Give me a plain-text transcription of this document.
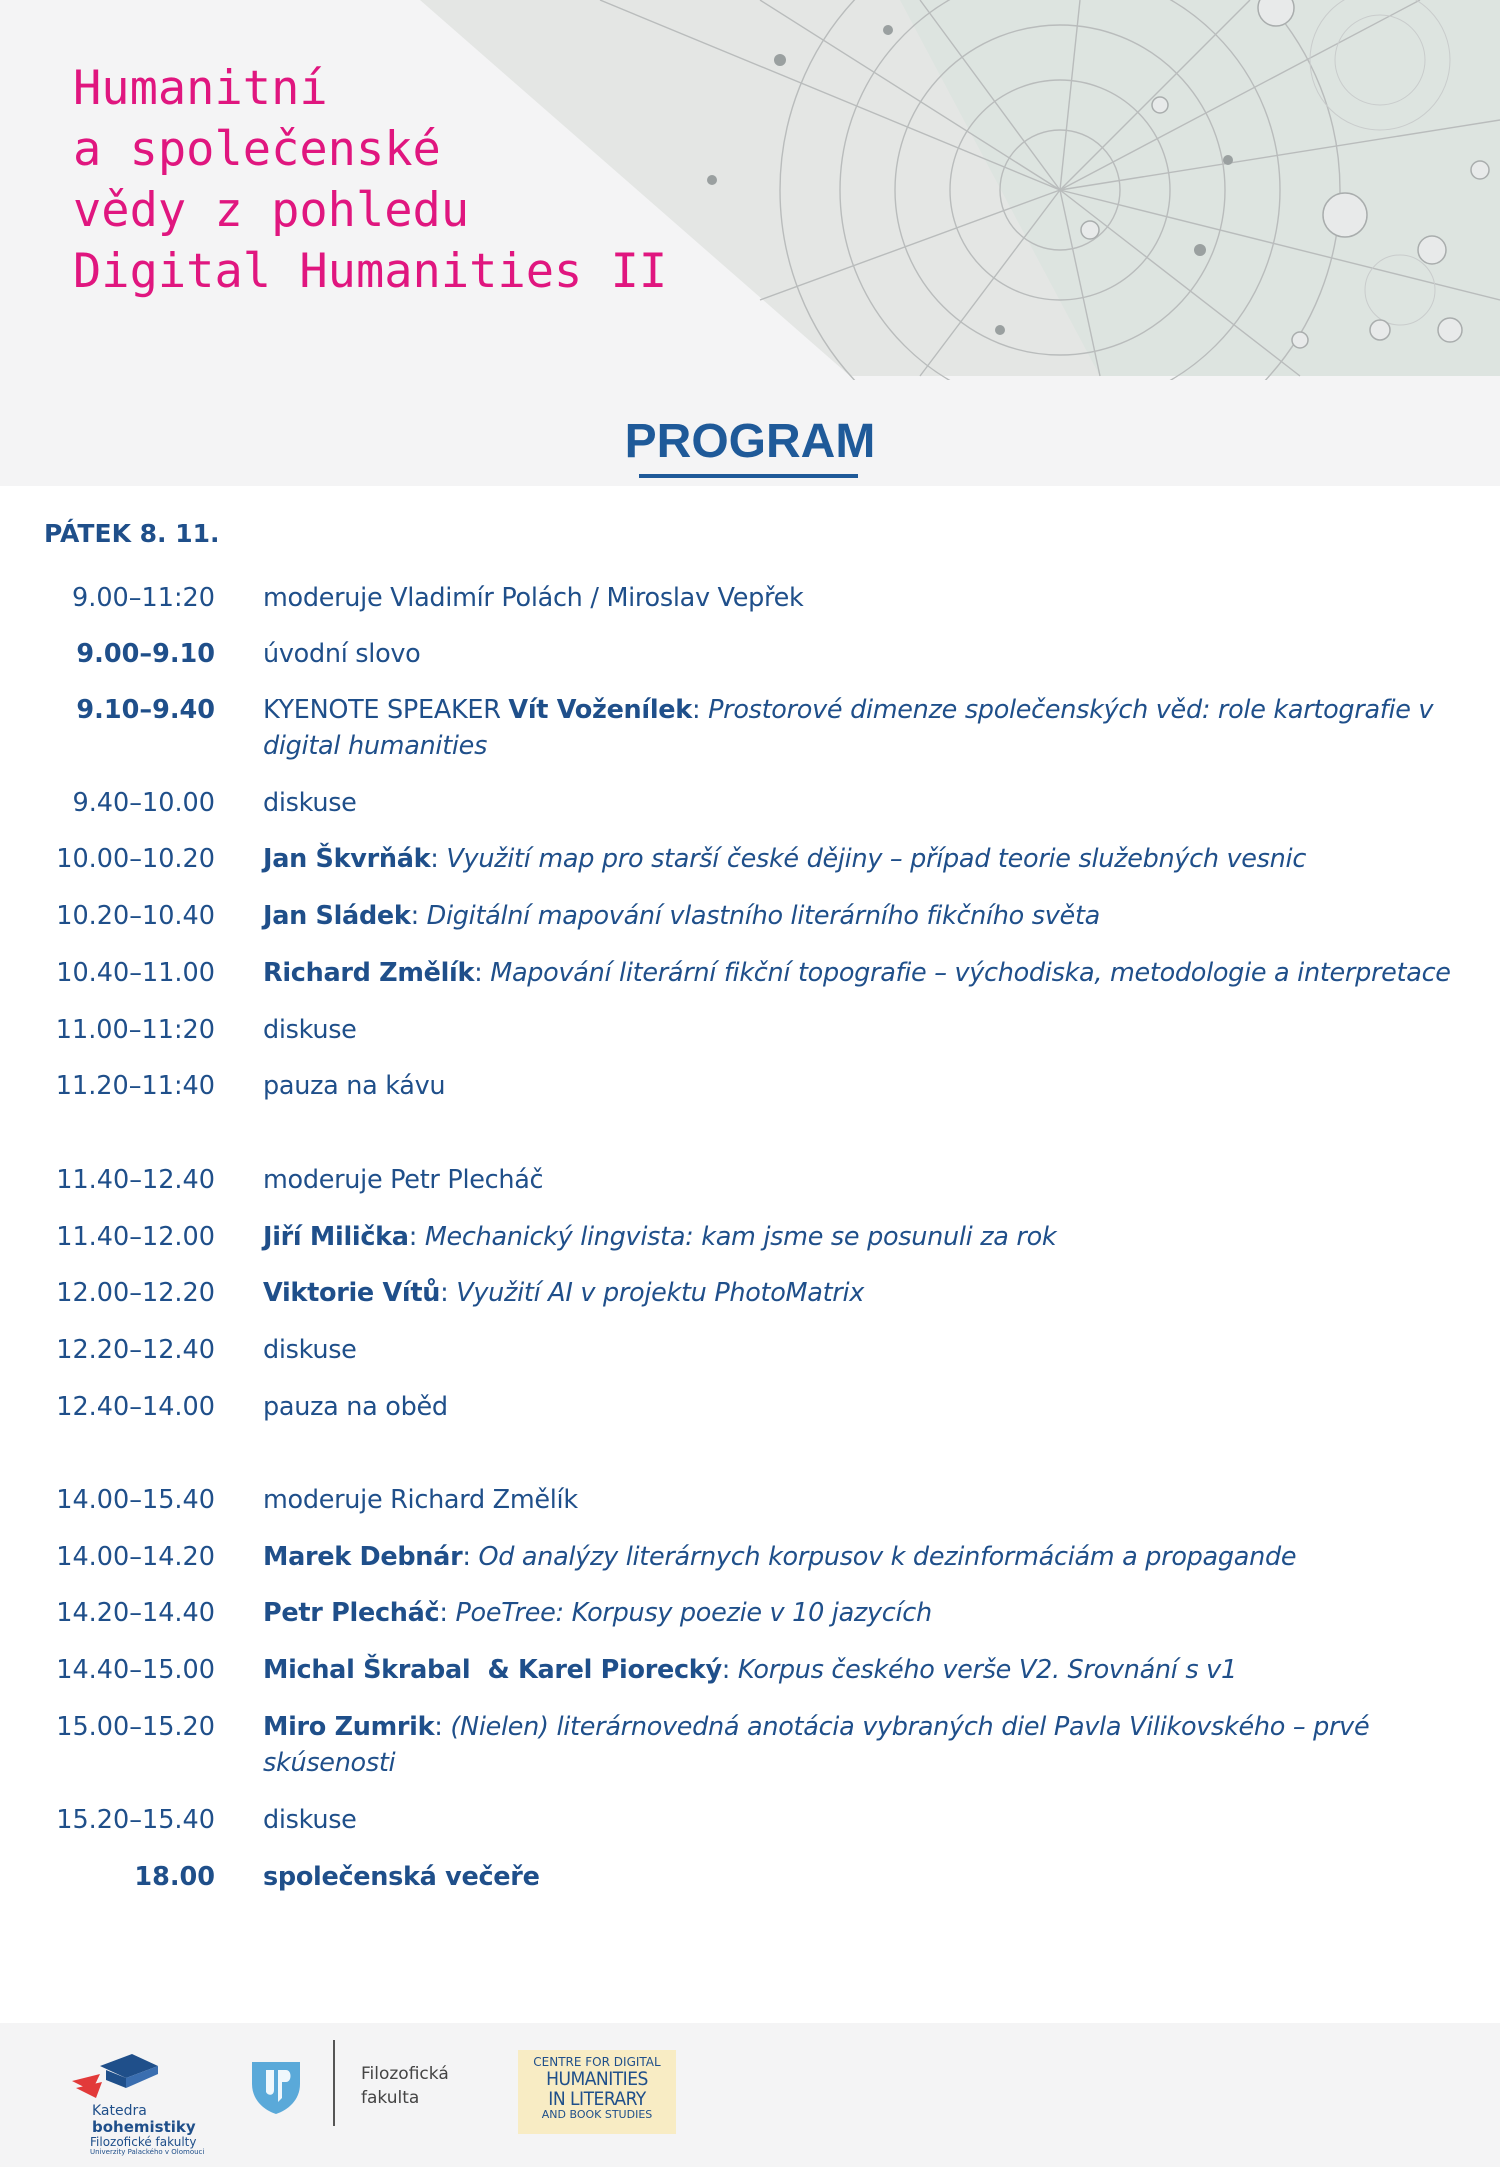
Humanitní
a společenské
vědy z pohledu
Digital Humanities II
PROGRAM
PÁTEK 8. 11.
9.00–11:20 moderuje Vladimír Polách / Miroslav Vepřek
9.00–9.10 úvodní slovo
9.10–9.40 KYENOTE SPEAKER Vít Voženílek: Prostorové dimenze společenských věd: role kartografie v digital humanities
9.40–10.00 diskuse
10.00–10.20 Jan Škvrňák: Využití map pro starší české dějiny – případ teorie služebných vesnic
10.20–10.40 Jan Sládek: Digitální mapování vlastního literárního fikčního světa
10.40–11.00 Richard Změlík: Mapování literární fikční topografie – východiska, metodologie a interpretace
11.00–11:20 diskuse
11.20–11:40 pauza na kávu
11.40–12.40 moderuje Petr Plecháč
11.40–12.00 Jiří Milička: Mechanický lingvista: kam jsme se posunuli za rok
12.00–12.20 Viktorie Vítů: Využití AI v projektu PhotoMatrix
12.20–12.40 diskuse
12.40–14.00 pauza na oběd
14.00–15.40 moderuje Richard Změlík
14.00–14.20 Marek Debnár: Od analýzy literárnych korpusov k dezinformáciám a propagande
14.20–14.40 Petr Plecháč: PoeTree: Korpusy poezie v 10 jazycích
14.40–15.00 Michal Škrabal  & Karel Piorecký: Korpus českého verše V2. Srovnání s v1
15.00–15.20 Miro Zumrik: (Nielen) literárnovedná anotácia vybraných diel Pavla Vilikovského – prvé skúsenosti
15.20–15.40 diskuse
18.00 společenská večeře
Katedra
bohemistiky
Filozofické fakulty
Univerzity Palackého v Olomouci
Filozofická
fakulta
CENTRE FOR DIGITAL
HUMANITIES
IN LITERARY
AND BOOK STUDIES
